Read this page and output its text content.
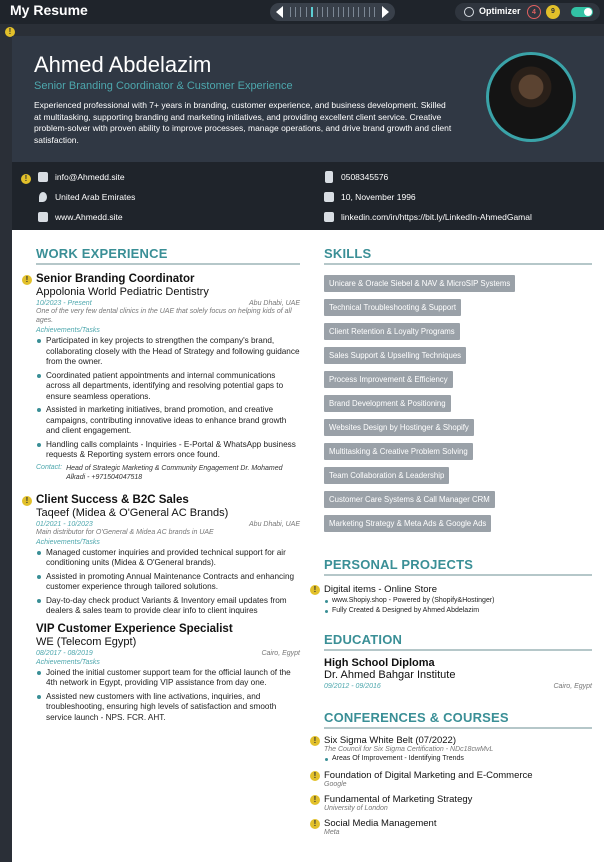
My Resume	Optimizer	4	9
!
Ahmed Abdelazim
Senior Branding Coordinator & Customer Experience
Experienced professional with 7+ years in branding, customer experience, and business development. Skilled at multitasking, supporting branding and marketing initiatives, and providing excellent client service. Creative problem-solver with proven ability to improve processes, manage operations, and drive brand growth and client satisfaction.
!	info@Ahmedd.site
United Arab Emirates
www.Ahmedd.site
0508345576
10, November 1996
linkedin.com/in/https://bit.ly/LinkedIn-AhmedGamal
WORK EXPERIENCE
! Senior Branding Coordinator
Appolonia World Pediatric Dentistry
10/2023 - Present	Abu Dhabi, UAE
One of the very few dental clinics in the UAE that solely focus on helping kids of all ages.
Achievements/Tasks
Participated in key projects to strengthen the company's brand, collaborating closely with the Head of Strategy and following guidance from the owner.
Coordinated patient appointments and internal communications across all departments, identifying and resolving potential gaps to ensure seamless operations.
Assisted in marketing initiatives, brand promotion, and creative campaigns, contributing innovative ideas to enhance brand growth and client engagement.
Handling calls complaints - Inquiries - E-Portal & WhatsApp business requests & Reporting system errors once found.
Contact: Head of Strategic Marketing & Community Engagement Dr. Mohamed Alkadi - +971504047518
! Client Success & B2C Sales
Taqeef (Midea & O'General AC Brands)
01/2021 - 10/2023	Abu Dhabi, UAE
Main distributor for O'General & Midea AC brands in UAE
Achievements/Tasks
Managed customer inquiries and provided technical support for air conditioning units (Midea & O'General brands).
Assisted in promoting Annual Maintenance Contracts and enhancing customer experience through tailored solutions.
Day-to-day check product Variants & Inventory email updates from dealers & sales team to provide clear info to client inquires
VIP Customer Experience Specialist
WE (Telecom Egypt)
08/2017 - 08/2019	Cairo, Egypt
Achievements/Tasks
Joined the initial customer support team for the official launch of the 4th network in Egypt, providing VIP assistance from day one.
Assisted new customers with line activations, inquiries, and troubleshooting, ensuring high levels of satisfaction and smooth service launch - NPS. FCR. AHT.
SKILLS
Unicare & Oracle Siebel & NAV & MicroSIP Systems
Technical Troubleshooting & Support
Client Retention & Loyalty Programs
Sales Support & Upselling Techniques
Process Improvement & Efficiency
Brand Development & Positioning
Websites Design by Hostinger & Shopify
Multitasking & Creative Problem Solving
Team Collaboration & Leadership
Customer Care Systems & Call Manager CRM
Marketing Strategy & Meta Ads & Google Ads
PERSONAL PROJECTS
! Digital items - Online Store
www.Shopiy.shop - Powered by (Shopify&Hostinger)
Fully Created & Designed by Ahmed Abdelazim
EDUCATION
High School Diploma
Dr. Ahmed Bahgar Institute
09/2012 - 09/2016	Cairo, Egypt
CONFERENCES & COURSES
! Six Sigma White Belt (07/2022)
The Council for Six Sigma Certification - NDc18cwMvL
Areas Of Improvement - Identifying Trends
! Foundation of Digital Marketing and E-Commerce
Google
! Fundamental of Marketing Strategy
University of London
! Social Media Management
Meta
